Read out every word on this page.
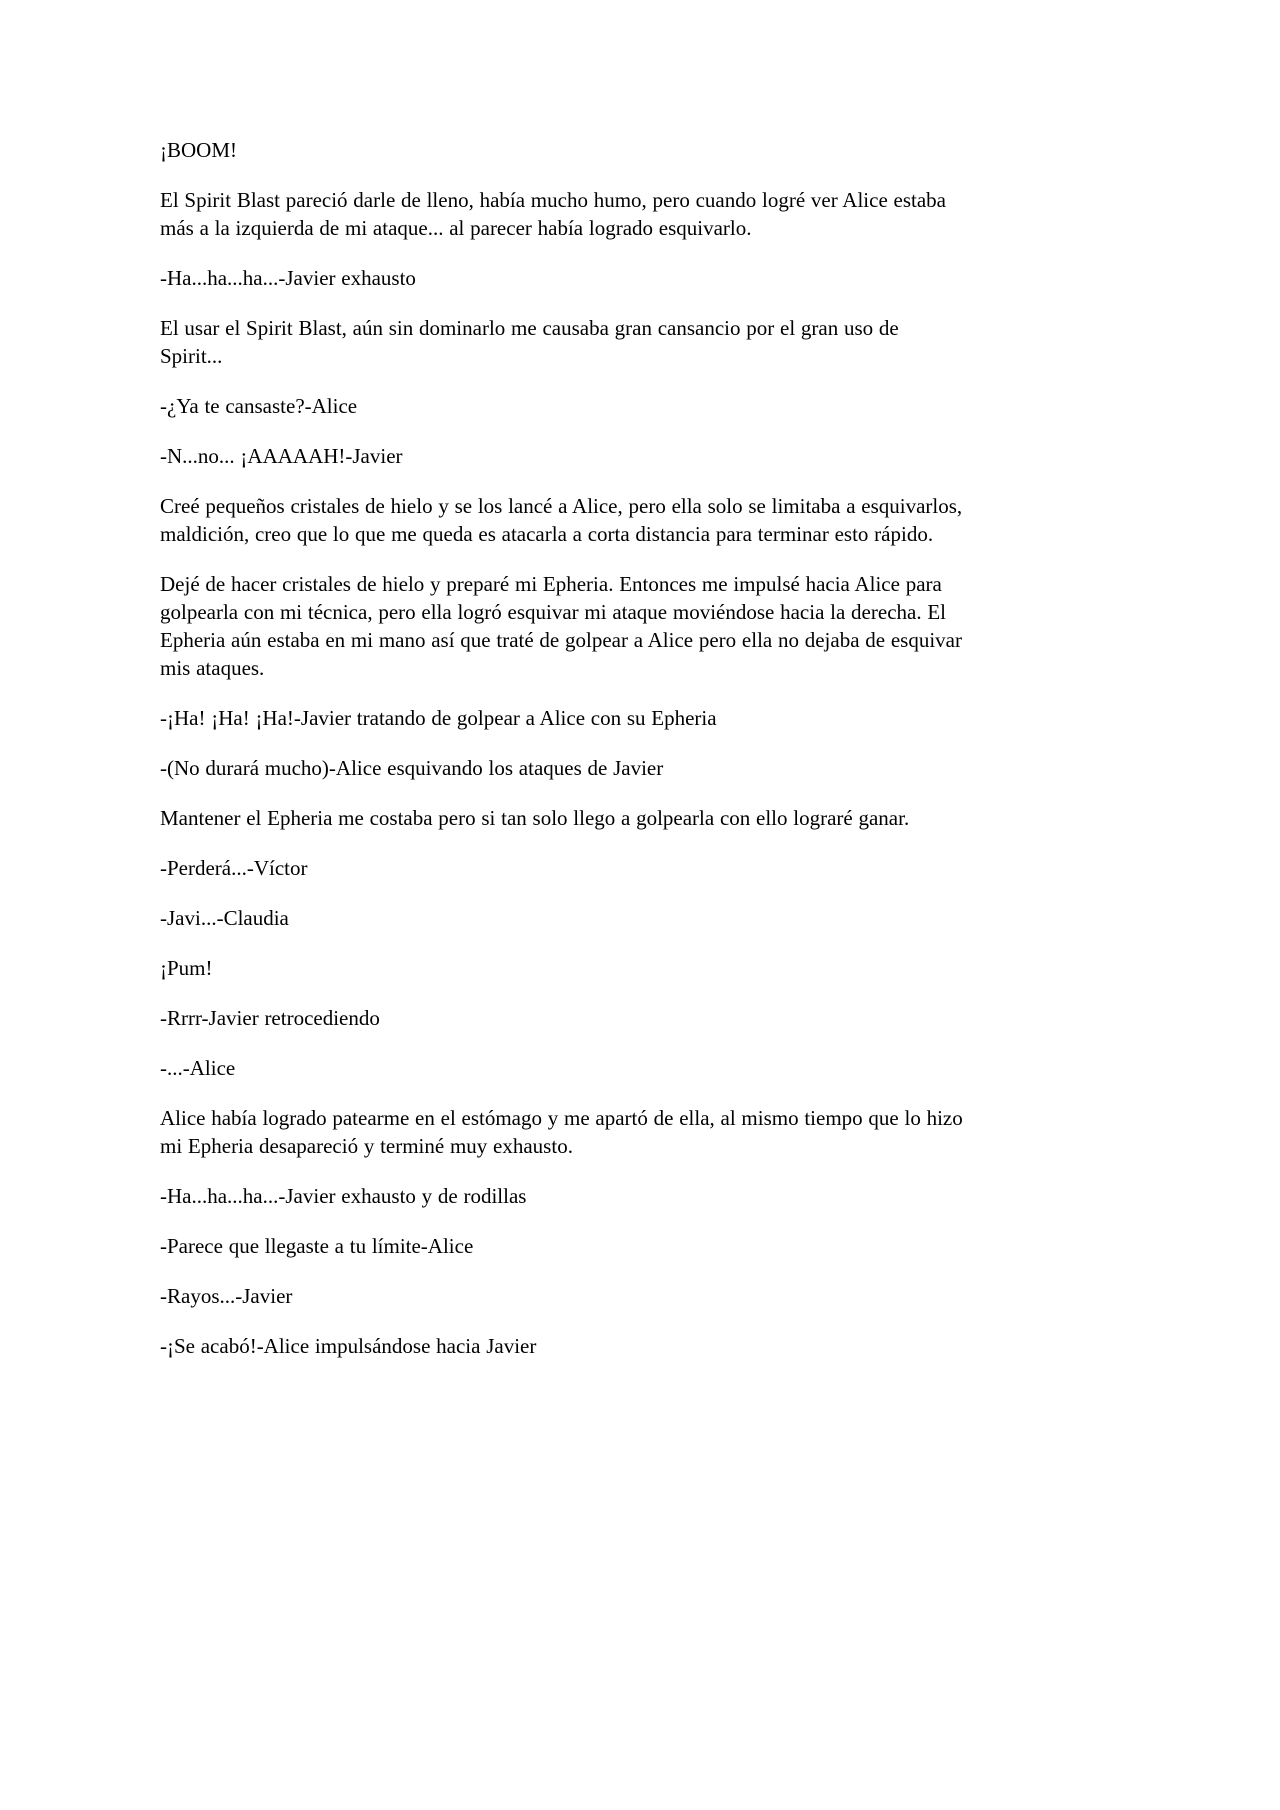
¡BOOM!

El Spirit Blast pareció darle de lleno, había mucho humo, pero cuando logré ver Alice estaba más a la izquierda de mi ataque... al parecer había logrado esquivarlo.

-Ha...ha...ha...-Javier exhausto

El usar el Spirit Blast, aún sin dominarlo me causaba gran cansancio por el gran uso de Spirit...

-¿Ya te cansaste?-Alice

-N...no... ¡AAAAAH!-Javier

Creé pequeños cristales de hielo y se los lancé a Alice, pero ella solo se limitaba a esquivarlos, maldición, creo que lo que me queda es atacarla a corta distancia para terminar esto rápido.

Dejé de hacer cristales de hielo y preparé mi Epheria. Entonces me impulsé hacia Alice para golpearla con mi técnica, pero ella logró esquivar mi ataque moviéndose hacia la derecha. El Epheria aún estaba en mi mano así que traté de golpear a Alice pero ella no dejaba de esquivar mis ataques.

-¡Ha! ¡Ha! ¡Ha!-Javier tratando de golpear a Alice con su Epheria

-(No durará mucho)-Alice esquivando los ataques de Javier

Mantener el Epheria me costaba pero si tan solo llego a golpearla con ello lograré ganar.

-Perderá...-Víctor

-Javi...-Claudia

¡Pum!

-Rrrr-Javier retrocediendo

-...-Alice

Alice había logrado patearme en el estómago y me apartó de ella, al mismo tiempo que lo hizo mi Epheria desapareció y terminé muy exhausto.

-Ha...ha...ha...-Javier exhausto y de rodillas

-Parece que llegaste a tu límite-Alice

-Rayos...-Javier

-¡Se acabó!-Alice impulsándose hacia Javier
